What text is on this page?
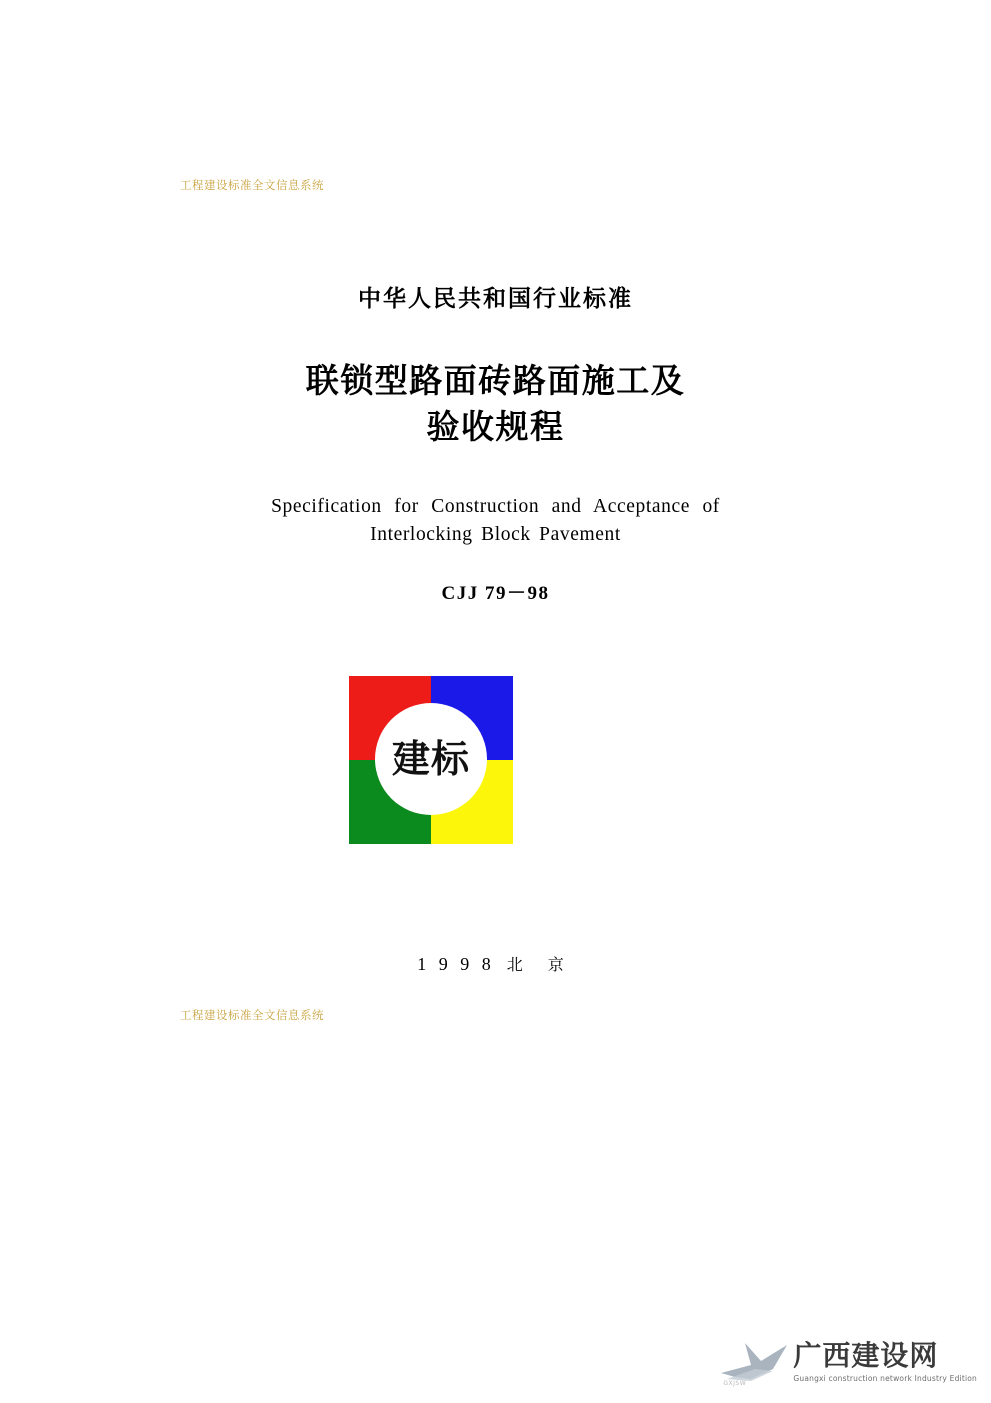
工程建设标准全文信息系统
中华人民共和国行业标准
联锁型路面砖路面施工及
验收规程
Specification for Construction and Acceptance of
Interlocking Block Pavement
CJJ 79－98
建标
1 9 9 8 北 京
工程建设标准全文信息系统
GXJSW
广西建设网
Guangxi construction network Industry Edition
